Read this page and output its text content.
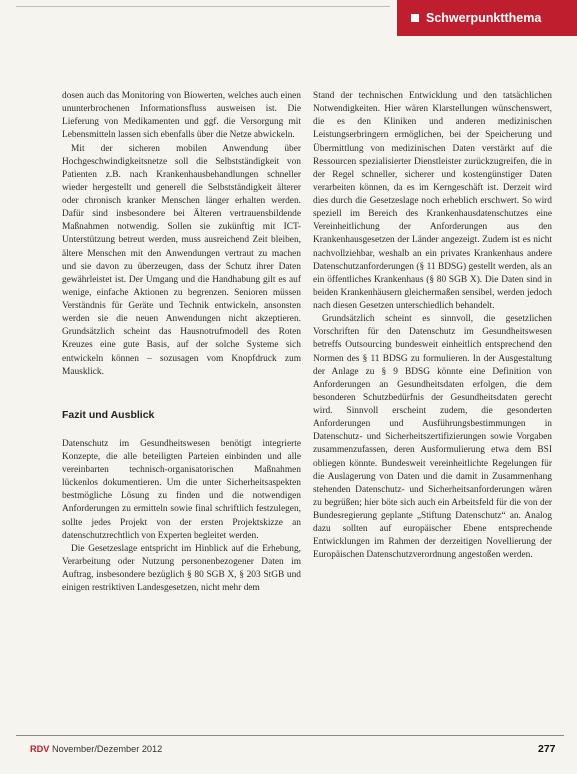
Schwerpunktthema

dosen auch das Monitoring von Biowerten, welches auch einen ununterbrochenen Informationsfluss ausweisen ist. Die Lieferung von Medikamenten und ggf. die Versorgung mit Lebensmitteln lassen sich ebenfalls über die Netze abwickeln.

Mit der sicheren mobilen Anwendung über Hochgeschwindigkeitsnetze soll die Selbstständigkeit von Patienten z.B. nach Krankenhausbehandlungen schneller wieder hergestellt und generell die Selbstständigkeit älterer oder chronisch kranker Menschen länger erhalten werden. Dafür sind insbesondere bei Älteren vertrauensbildende Maßnahmen notwendig. Sollen sie zukünftig mit ICT-Unterstützung betreut werden, muss ausreichend Zeit bleiben, ältere Menschen mit den Anwendungen vertraut zu machen und sie davon zu überzeugen, dass der Schutz ihrer Daten gewährleistet ist. Der Umgang und die Handhabung gilt es auf wenige, einfache Aktionen zu begrenzen. Senioren müssen Verständnis für Geräte und Technik entwickeln, ansonsten werden sie die neuen Anwendungen nicht akzeptieren. Grundsätzlich scheint das Hausnotrufmodell des Roten Kreuzes eine gute Basis, auf der solche Systeme sich entwickeln können – sozusagen vom Knopfdruck zum Mausklick.

Fazit und Ausblick

Datenschutz im Gesundheitswesen benötigt integrierte Konzepte, die alle beteiligten Parteien einbinden und alle vereinbarten technisch-organisatorischen Maßnahmen lückenlos dokumentieren. Um die unter Sicherheitsaspekten bestmögliche Lösung zu finden und die notwendigen Anforderungen zu ermitteln sowie final schriftlich festzulegen, sollte jedes Projekt von der ersten Projektskizze an datenschutzrechtlich von Experten begleitet werden.

Die Gesetzeslage entspricht im Hinblick auf die Erhebung, Verarbeitung oder Nutzung personenbezogener Daten im Auftrag, insbesondere bezüglich § 80 SGB X, § 203 StGB und einigen restriktiven Landesgesetzen, nicht mehr dem

Stand der technischen Entwicklung und den tatsächlichen Notwendigkeiten. Hier wären Klarstellungen wünschenswert, die es den Kliniken und anderen medizinischen Leistungserbringern ermöglichen, bei der Speicherung und Übermittlung von medizinischen Daten verstärkt auf die Ressourcen spezialisierter Dienstleister zurückzugreifen, die in der Regel schneller, sicherer und kostengünstiger Daten verarbeiten können, da es im Kerngeschäft ist. Derzeit wird dies durch die Gesetzeslage noch erheblich erschwert. So wird speziell im Bereich des Krankenhausdatenschutzes eine Vereinheitlichung der Anforderungen aus den Krankenhausgesetzen der Länder angezeigt. Zudem ist es nicht nachvollziehbar, weshalb an ein privates Krankenhaus andere Datenschutzanforderungen (§ 11 BDSG) gestellt werden, als an ein öffentliches Krankenhaus (§ 80 SGB X). Die Daten sind in beiden Krankenhäusern gleichermaßen sensibel, werden jedoch nach diesen Gesetzen unterschiedlich behandelt.

Grundsätzlich scheint es sinnvoll, die gesetzlichen Vorschriften für den Datenschutz im Gesundheitswesen betreffs Outsourcing bundesweit einheitlich entsprechend den Normen des § 11 BDSG zu formulieren. In der Ausgestaltung der Anlage zu § 9 BDSG könnte eine Definition von Anforderungen an Gesundheitsdaten erfolgen, die dem besonderen Schutzbedürfnis der Gesundheitsdaten gerecht wird. Sinnvoll erscheint zudem, die gesonderten Anforderungen und Ausführungsbestimmungen in Datenschutz- und Sicherheitszertifizierungen sowie Vorgaben zusammenzufassen, deren Ausformulierung etwa dem BSI obliegen könnte. Bundesweit vereinheitlichte Regelungen für die Auslagerung von Daten und die damit in Zusammenhang stehenden Datenschutz- und Sicherheitsanforderungen wären zu begrüßen; hier böte sich auch ein Arbeitsfeld für die von der Bundesregierung geplante „Stiftung Datenschutz“ an. Analog dazu sollten auf europäischer Ebene entsprechende Entwicklungen im Rahmen der derzeitigen Novellierung der Europäischen Datenschutzverordnung angestoßen werden.

RDV November/Dezember 2012	277
